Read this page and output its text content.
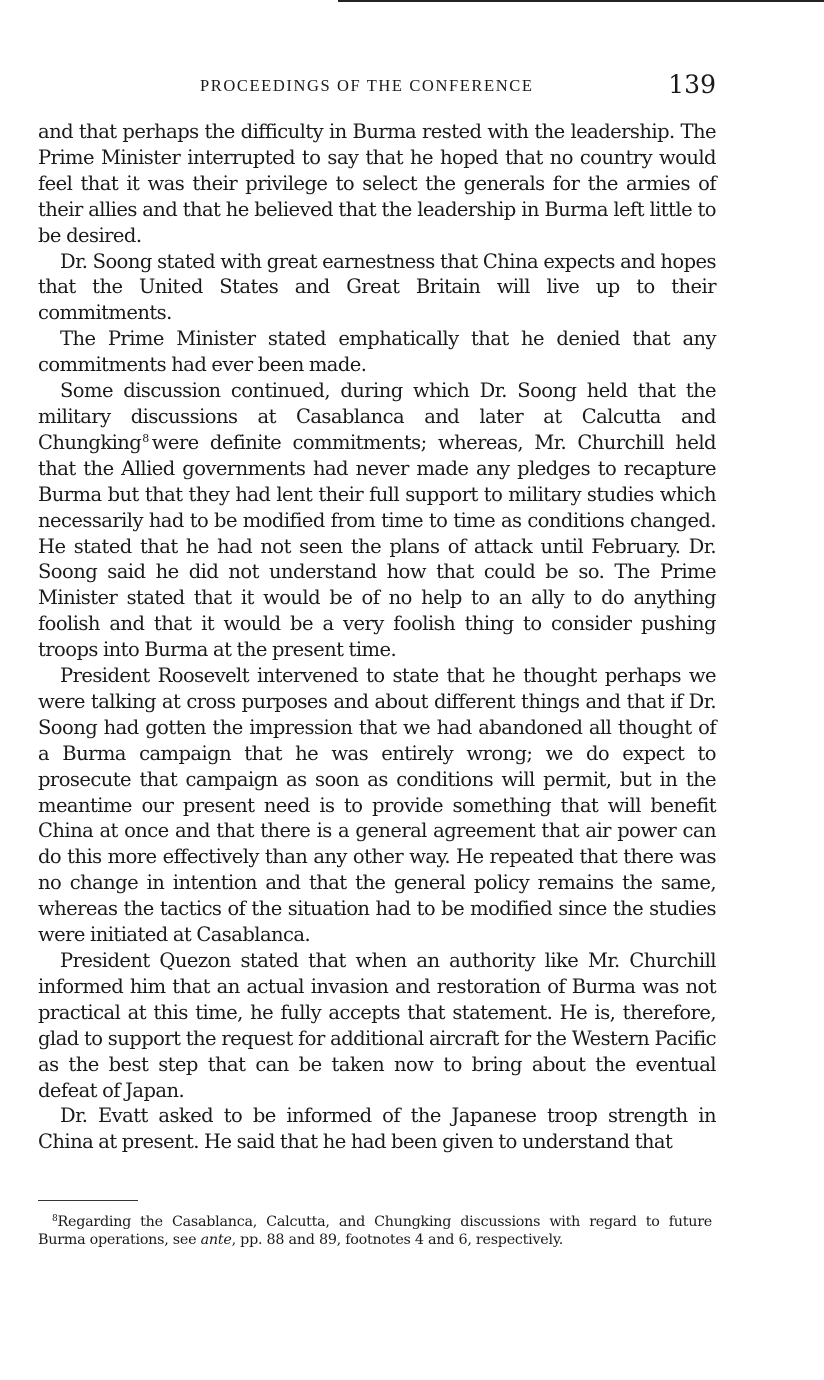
PROCEEDINGS OF THE CONFERENCE	139

and that perhaps the difficulty in Burma rested with the leadership. The Prime Minister interrupted to say that he hoped that no country would feel that it was their privilege to select the generals for the armies of their allies and that he believed that the leadership in Burma left little to be desired.

Dr. Soong stated with great earnestness that China expects and hopes that the United States and Great Britain will live up to their commitments.

The Prime Minister stated emphatically that he denied that any commitments had ever been made.

Some discussion continued, during which Dr. Soong held that the military discussions at Casablanca and later at Calcutta and Chungking$^8$ were definite commitments; whereas, Mr. Churchill held that the Allied governments had never made any pledges to recapture Burma but that they had lent their full support to military studies which necessarily had to be modified from time to time as conditions changed. He stated that he had not seen the plans of attack until February. Dr. Soong said he did not understand how that could be so. The Prime Minister stated that it would be of no help to an ally to do anything foolish and that it would be a very foolish thing to consider pushing troops into Burma at the present time.

President Roosevelt intervened to state that he thought perhaps we were talking at cross purposes and about different things and that if Dr. Soong had gotten the impression that we had abandoned all thought of a Burma campaign that he was entirely wrong; we do expect to prosecute that campaign as soon as conditions will permit, but in the meantime our present need is to provide something that will benefit China at once and that there is a general agreement that air power can do this more effectively than any other way. He repeated that there was no change in intention and that the general policy remains the same, whereas the tactics of the situation had to be modified since the studies were initiated at Casablanca.

President Quezon stated that when an authority like Mr. Churchill informed him that an actual invasion and restoration of Burma was not practical at this time, he fully accepts that statement. He is, therefore, glad to support the request for additional aircraft for the Western Pacific as the best step that can be taken now to bring about the eventual defeat of Japan.

Dr. Evatt asked to be informed of the Japanese troop strength in China at present. He said that he had been given to understand that

$^8$Regarding the Casablanca, Calcutta, and Chungking discussions with regard to future Burma operations, see ante, pp. 88 and 89, footnotes 4 and 6, respectively.
